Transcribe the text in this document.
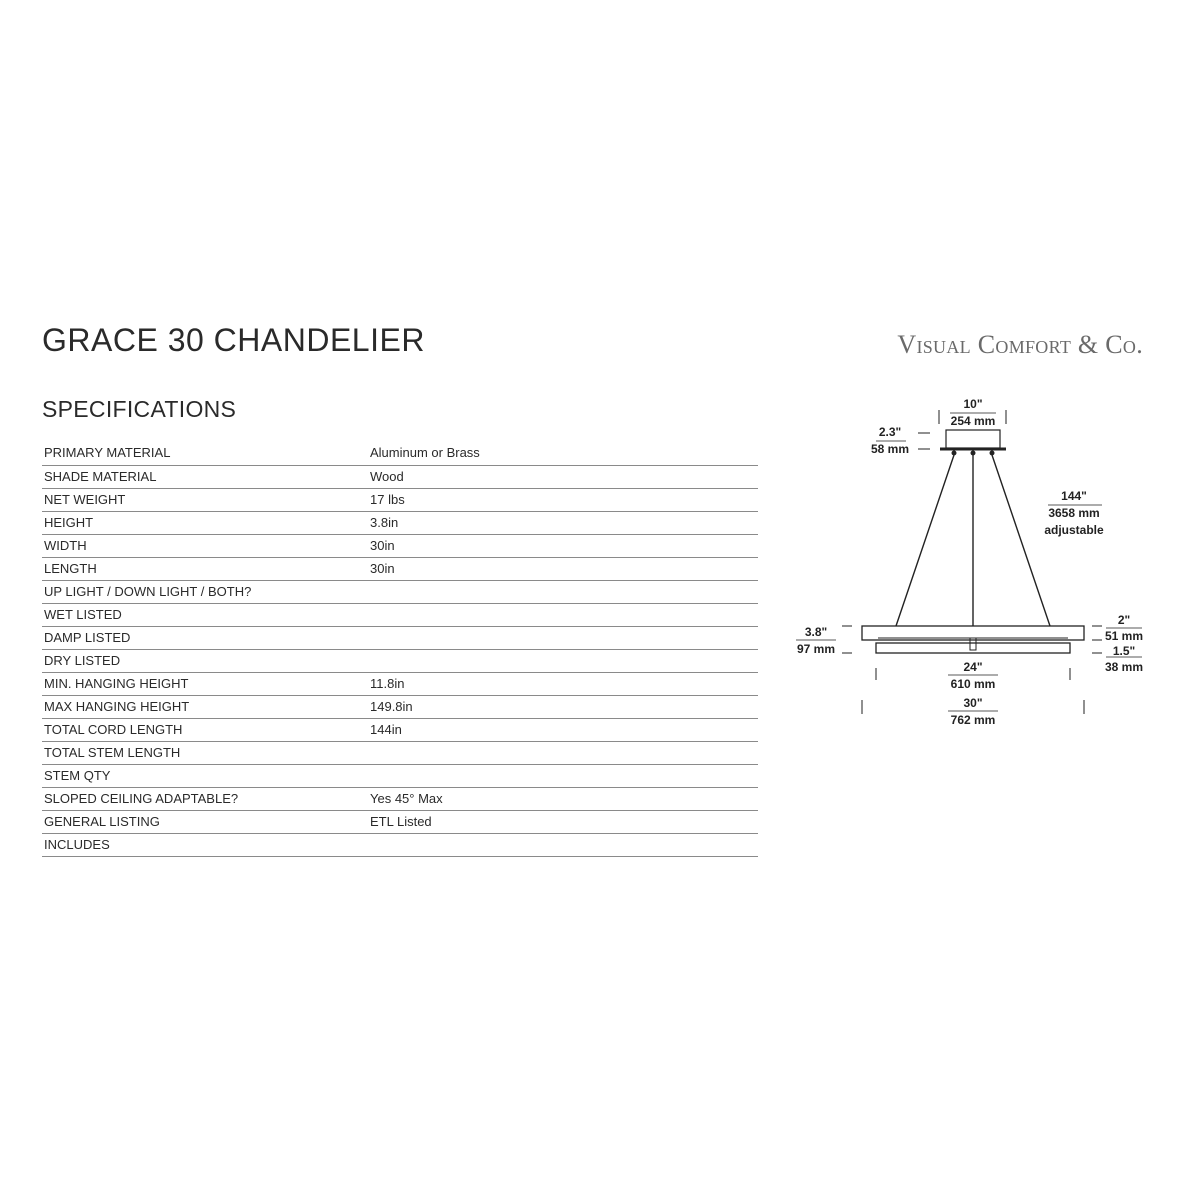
GRACE 30 CHANDELIER	Visual Comfort & Co.
SPECIFICATIONS
PRIMARY MATERIAL	Aluminum or Brass
SHADE MATERIAL	Wood
NET WEIGHT	17 lbs
HEIGHT	3.8in
WIDTH	30in
LENGTH	30in
UP LIGHT / DOWN LIGHT / BOTH?	
WET LISTED	
DAMP LISTED	
DRY LISTED	
MIN. HANGING HEIGHT	11.8in
MAX HANGING HEIGHT	149.8in
TOTAL CORD LENGTH	144in
TOTAL STEM LENGTH	
STEM QTY	
SLOPED CEILING ADAPTABLE?	Yes 45° Max
GENERAL LISTING	ETL Listed
INCLUDES	
10"
254 mm
2.3"
58 mm
144"
3658 mm
adjustable
3.8"
97 mm
2"
51 mm
1.5"
38 mm
24"
610 mm
30"
762 mm
